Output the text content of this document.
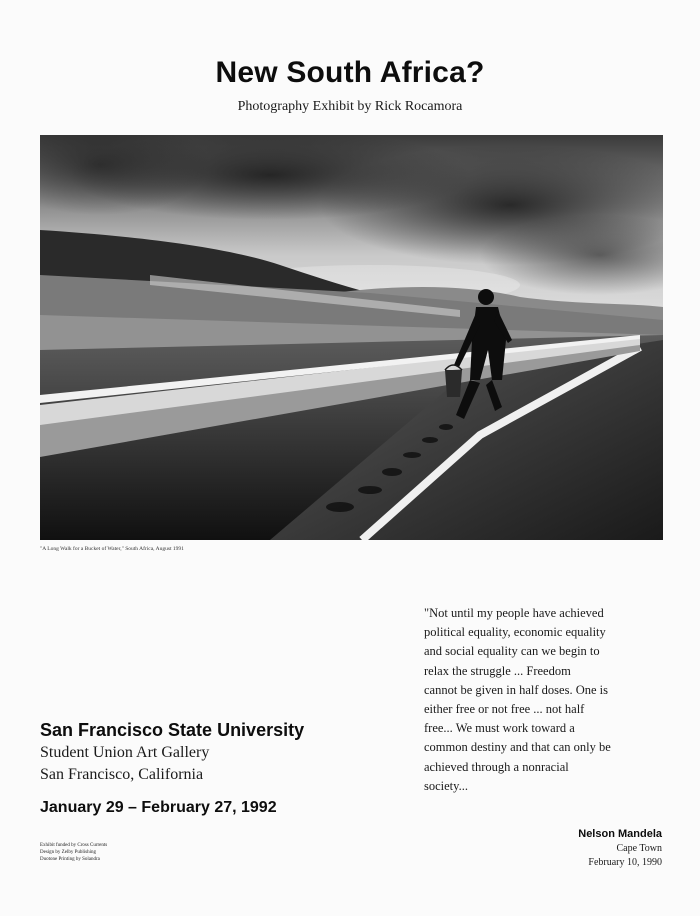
New South Africa?
Photography Exhibit by Rick Rocamora
"A Long Walk for a Bucket of Water," South Africa, August 1991
San Francisco State University
Student Union Art Gallery
San Francisco, California
January 29 – February 27, 1992
Exhibit funded by Cross Currents
Design by Zelby Publishing
Duotone Printing by Solandra
"Not until my people have achieved
political equality, economic equality
and social equality can we begin to
relax the struggle ... Freedom
cannot be given in half doses. One is
either free or not free ... not half
free... We must work toward a
common destiny and that can only be
achieved through a nonracial
society...
Nelson Mandela
Cape Town
February 10, 1990
